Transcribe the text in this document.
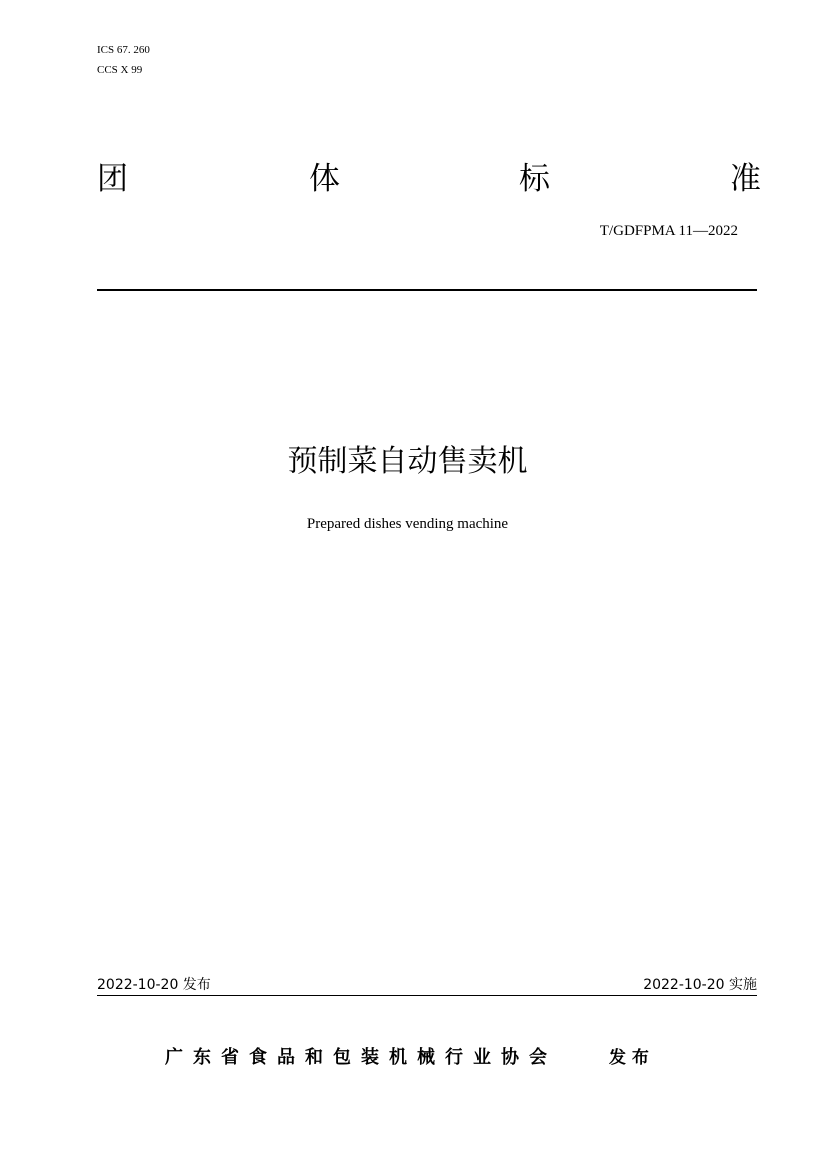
ICS 67. 260
CCS X 99
团	体	标	准
T/GDFPMA 11—2022
预制菜自动售卖机
Prepared dishes vending machine
2022-10-20 发布	2022-10-20 实施
广东省食品和包装机械行业协会	发 布
